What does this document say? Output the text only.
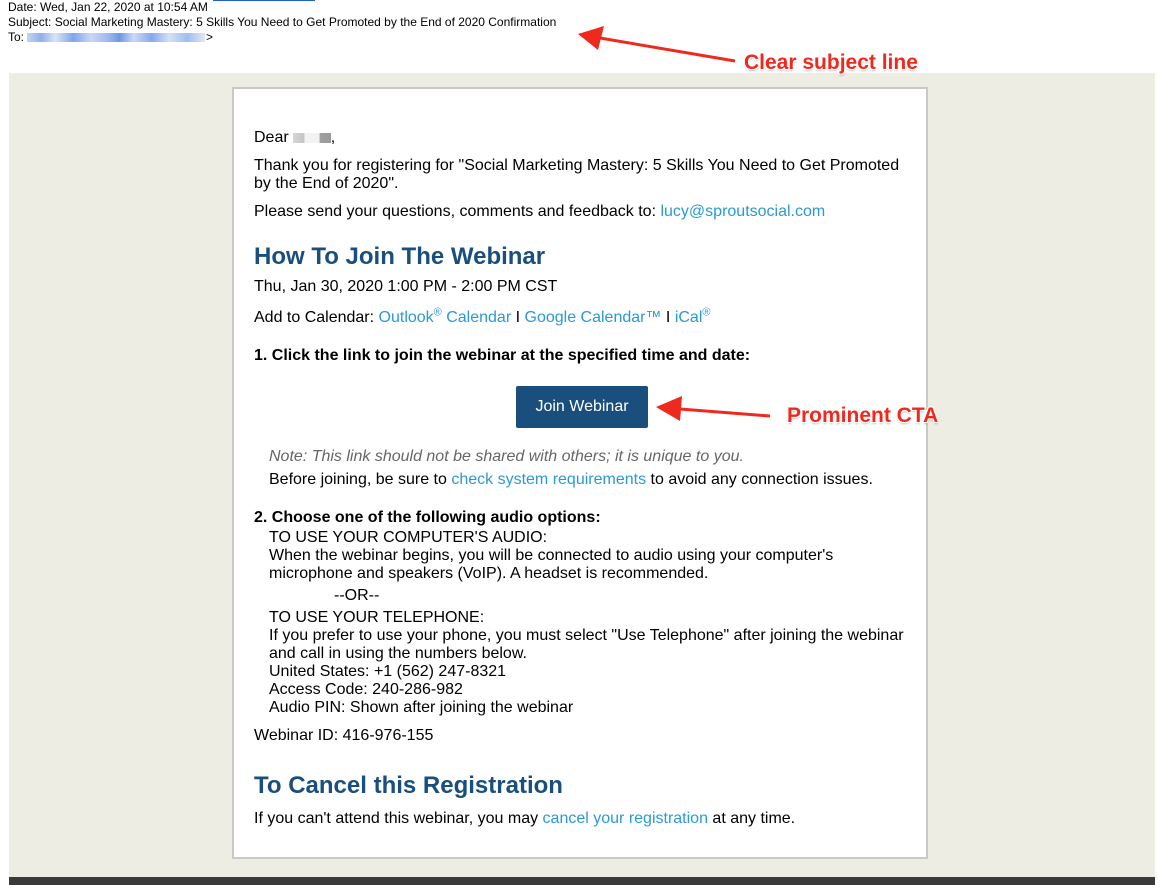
Date: Wed, Jan 22, 2020 at 10:54 AM
Subject: Social Marketing Mastery: 5 Skills You Need to Get Promoted by the End of 2020 Confirmation
To:	>

Dear	,

Thank you for registering for "Social Marketing Mastery: 5 Skills You Need to Get Promoted
by the End of 2020".

Please send your questions, comments and feedback to: lucy@sproutsocial.com

How To Join The Webinar

Thu, Jan 30, 2020 1:00 PM - 2:00 PM CST

Add to Calendar: Outlook® Calendar I Google Calendar™ I iCal®

1. Click the link to join the webinar at the specified time and date:

Note: This link should not be shared with others; it is unique to you.

Before joining, be sure to check system requirements to avoid any connection issues.

2. Choose one of the following audio options:

TO USE YOUR COMPUTER'S AUDIO:
When the webinar begins, you will be connected to audio using your computer's
microphone and speakers (VoIP). A headset is recommended.
--OR--
TO USE YOUR TELEPHONE:
If you prefer to use your phone, you must select "Use Telephone" after joining the webinar
and call in using the numbers below.
United States: +1 (562) 247-8321
Access Code: 240-286-982
Audio PIN: Shown after joining the webinar

Webinar ID: 416-976-155

To Cancel this Registration

If you can't attend this webinar, you may cancel your registration at any time.

Join Webinar
Clear subject line
Prominent CTA
